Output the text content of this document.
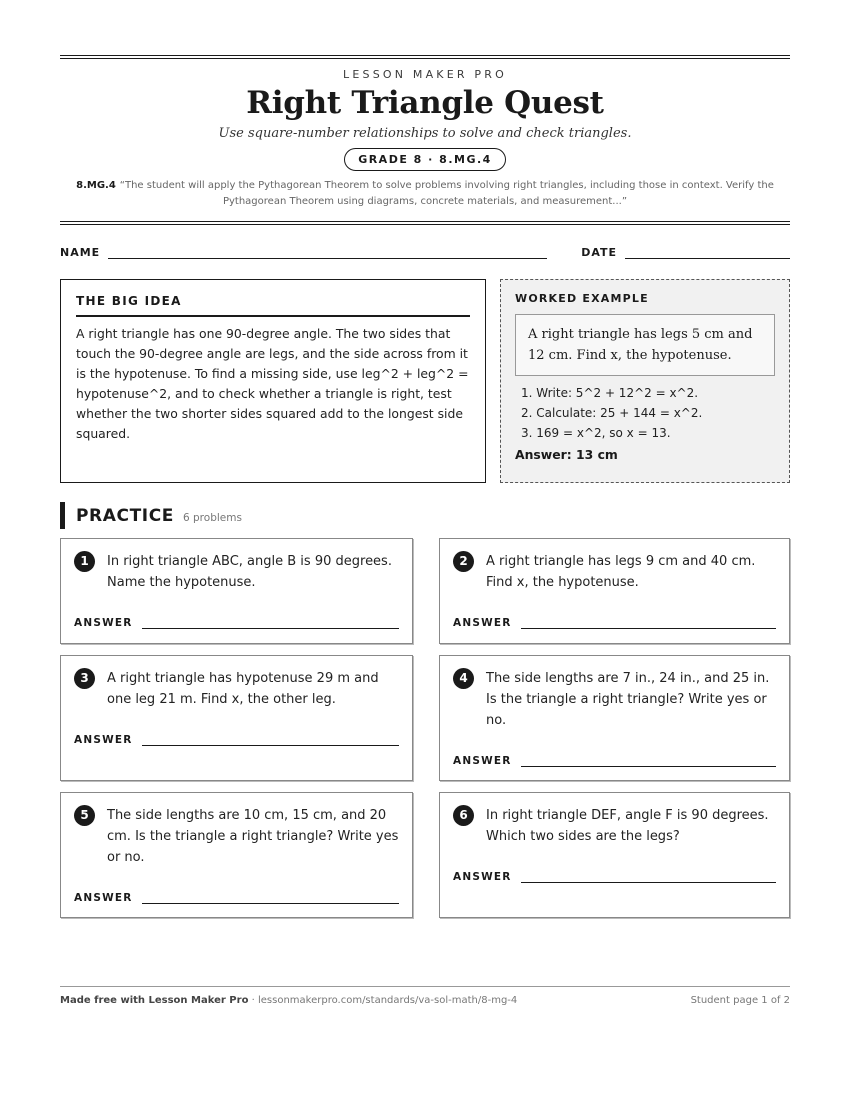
LESSON MAKER PRO
Right Triangle Quest
Use square-number relationships to solve and check triangles.
GRADE 8 · 8.MG.4
8.MG.4 “The student will apply the Pythagorean Theorem to solve problems involving right triangles, including those in context. Verify the Pythagorean Theorem using diagrams, concrete materials, and measurement...”
NAME	DATE
THE BIG IDEA

A right triangle has one 90-degree angle. The two sides that touch the 90-degree angle are legs, and the side across from it is the hypotenuse. To find a missing side, use leg^2 + leg^2 = hypotenuse^2, and to check whether a triangle is right, test whether the two shorter sides squared add to the longest side squared.

WORKED EXAMPLE
A right triangle has legs 5 cm and 12 cm. Find x, the hypotenuse.
1. Write: 5^2 + 12^2 = x^2.
2. Calculate: 25 + 144 = x^2.
3. 169 = x^2, so x = 13.
Answer: 13 cm
PRACTICE 6 problems
1	In right triangle ABC, angle B is 90 degrees. Name the hypotenuse.
ANSWER
2	A right triangle has legs 9 cm and 40 cm. Find x, the hypotenuse.
ANSWER
3	A right triangle has hypotenuse 29 m and one leg 21 m. Find x, the other leg.
ANSWER
4	The side lengths are 7 in., 24 in., and 25 in. Is the triangle a right triangle? Write yes or no.
ANSWER
5	The side lengths are 10 cm, 15 cm, and 20 cm. Is the triangle a right triangle? Write yes or no.
ANSWER
6	In right triangle DEF, angle F is 90 degrees. Which two sides are the legs?
ANSWER
Made free with Lesson Maker Pro · lessonmakerpro.com/standards/va-sol-math/8-mg-4	Student page 1 of 2
